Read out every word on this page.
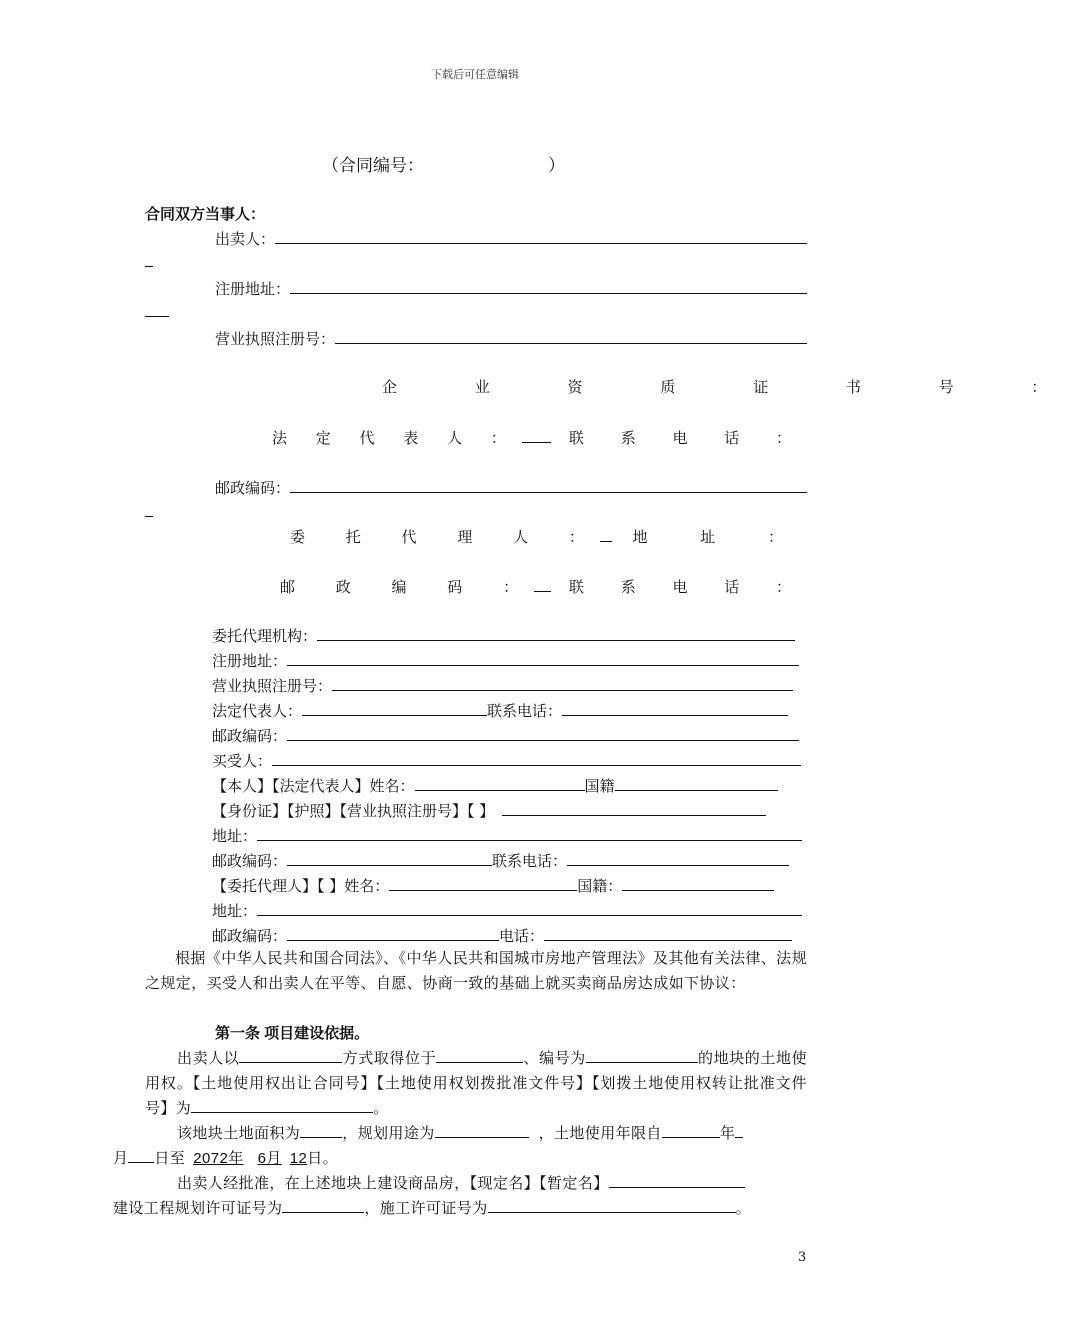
下载后可任意编辑
（合同编号：	）
合同双方当事人：
出卖人：
注册地址：
营业执照注册号：
企 业 资 质 证 书 号 ：
法 定 代 表 人 ：	联 系 电 话 ：
邮政编码：
委 托 代 理 人 ： 地 址 ：
邮 政 编 码 ： 联 系 电 话 ：
委托代理机构：
注册地址：
营业执照注册号：
法定代表人：	联系电话：
邮政编码：
买受人：
【本人】【法定代表人】姓名：	国籍
【身份证】【护照】【营业执照注册号】【 】
地址：
邮政编码：	联系电话：
【委托代理人】【 】姓名：	国籍：
地址：
邮政编码：	电话：
根据《中华人民共和国合同法》、《中华人民共和国城市房地产管理法》及其他有关法律、法规之规定，买受人和出卖人在平等、自愿、协商一致的基础上就买卖商品房达成如下协议：
第一条 项目建设依据。
出卖人以	方式取得位于	、编号为	的地块的土地使用权。【土地使用权出让合同号】【土地使用权划拨批准文件号】【划拨土地使用权转让批准文件号】为	。
该地块土地面积为	，规划用途为	，土地使用年限自	年
月 日至 2072年 6月 12日。
出卖人经批准，在上述地块上建设商品房，【现定名】【暂定名】
建设工程规划许可证号为	，施工许可证号为	。
3
